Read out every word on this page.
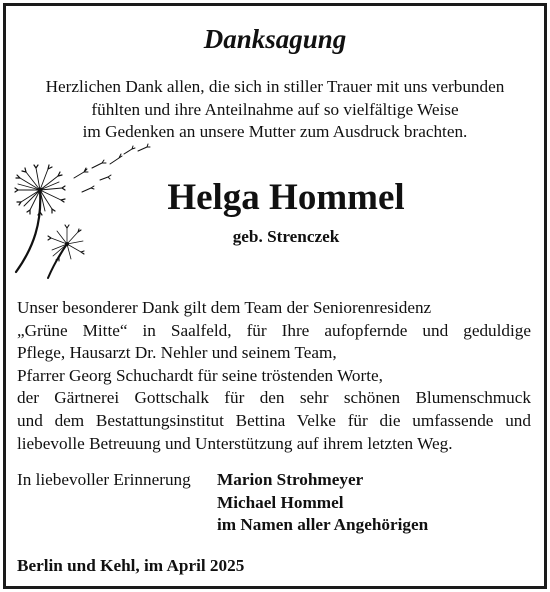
Danksagung
Herzlichen Dank allen, die sich in stiller Trauer mit uns verbunden
fühlten und ihre Anteilnahme auf so vielfältige Weise
im Gedenken an unsere Mutter zum Ausdruck brachten.
Helga Hommel
geb. Strenczek
Unser besonderer Dank gilt dem Team der Seniorenresidenz
„Grüne Mitte“ in Saalfeld, für Ihre aufopfernde und geduldige
Pflege, Hausarzt Dr. Nehler und seinem Team,
Pfarrer Georg Schuchardt für seine tröstenden Worte,
der Gärtnerei Gottschalk für den sehr schönen Blumenschmuck
und dem Bestattungsinstitut Bettina Velke für die umfassende und
liebevolle Betreuung und Unterstützung auf ihrem letzten Weg.
In liebevoller Erinnerung Marion Strohmeyer
Michael Hommel
im Namen aller Angehörigen
Berlin und Kehl, im April 2025
